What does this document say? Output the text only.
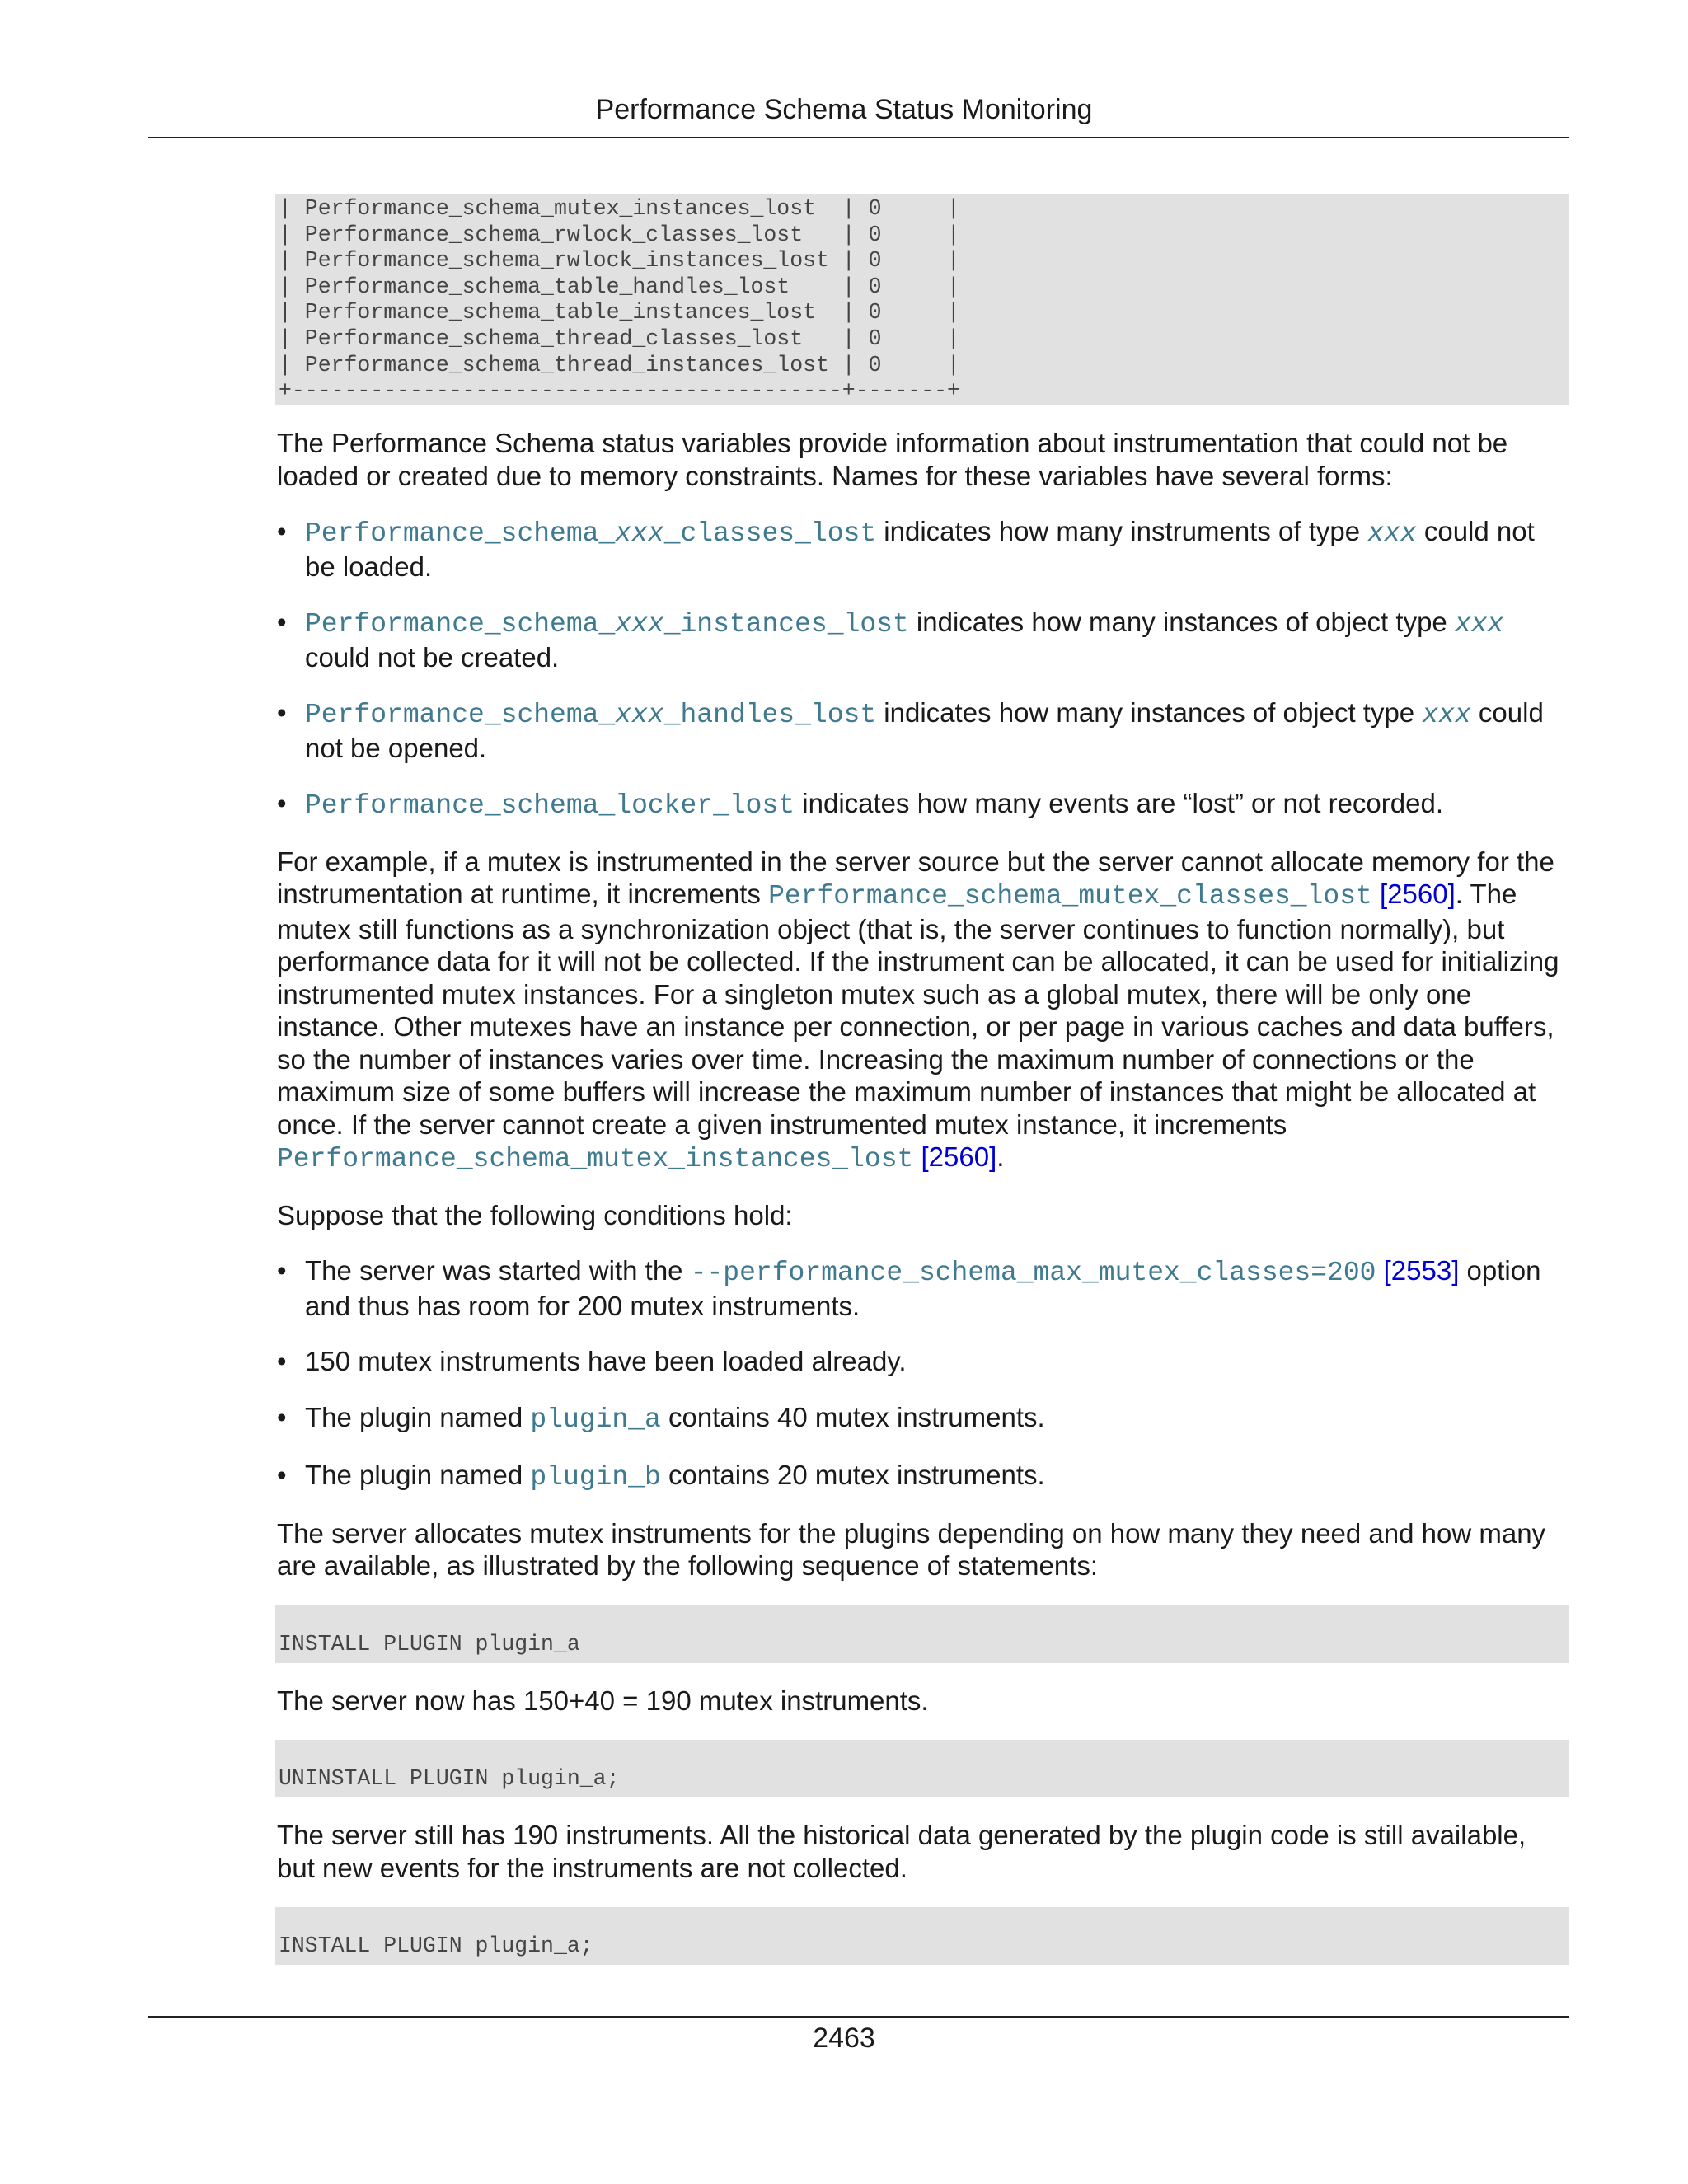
Performance Schema Status Monitoring
| Performance_schema_mutex_instances_lost  | 0     |
| Performance_schema_rwlock_classes_lost   | 0     |
| Performance_schema_rwlock_instances_lost | 0     |
| Performance_schema_table_handles_lost    | 0     |
| Performance_schema_table_instances_lost  | 0     |
| Performance_schema_thread_classes_lost   | 0     |
| Performance_schema_thread_instances_lost | 0     |
+------------------------------------------+-------+

The Performance Schema status variables provide information about instrumentation that could not be loaded or created due to memory constraints. Names for these variables have several forms:

• Performance_schema_xxx_classes_lost indicates how many instruments of type xxx could not be loaded.
• Performance_schema_xxx_instances_lost indicates how many instances of object type xxx could not be created.
• Performance_schema_xxx_handles_lost indicates how many instances of object type xxx could not be opened.
• Performance_schema_locker_lost indicates how many events are “lost” or not recorded.

For example, if a mutex is instrumented in the server source but the server cannot allocate memory for the instrumentation at runtime, it increments Performance_schema_mutex_classes_lost [2560]. The mutex still functions as a synchronization object (that is, the server continues to function normally), but performance data for it will not be collected. If the instrument can be allocated, it can be used for initializing instrumented mutex instances. For a singleton mutex such as a global mutex, there will be only one instance. Other mutexes have an instance per connection, or per page in various caches and data buffers, so the number of instances varies over time. Increasing the maximum number of connections or the maximum size of some buffers will increase the maximum number of instances that might be allocated at once. If the server cannot create a given instrumented mutex instance, it increments Performance_schema_mutex_instances_lost [2560].

Suppose that the following conditions hold:

• The server was started with the --performance_schema_max_mutex_classes=200 [2553] option and thus has room for 200 mutex instruments.
• 150 mutex instruments have been loaded already.
• The plugin named plugin_a contains 40 mutex instruments.
• The plugin named plugin_b contains 20 mutex instruments.

The server allocates mutex instruments for the plugins depending on how many they need and how many are available, as illustrated by the following sequence of statements:

INSTALL PLUGIN plugin_a

The server now has 150+40 = 190 mutex instruments.

UNINSTALL PLUGIN plugin_a;

The server still has 190 instruments. All the historical data generated by the plugin code is still available, but new events for the instruments are not collected.

INSTALL PLUGIN plugin_a;
2463
